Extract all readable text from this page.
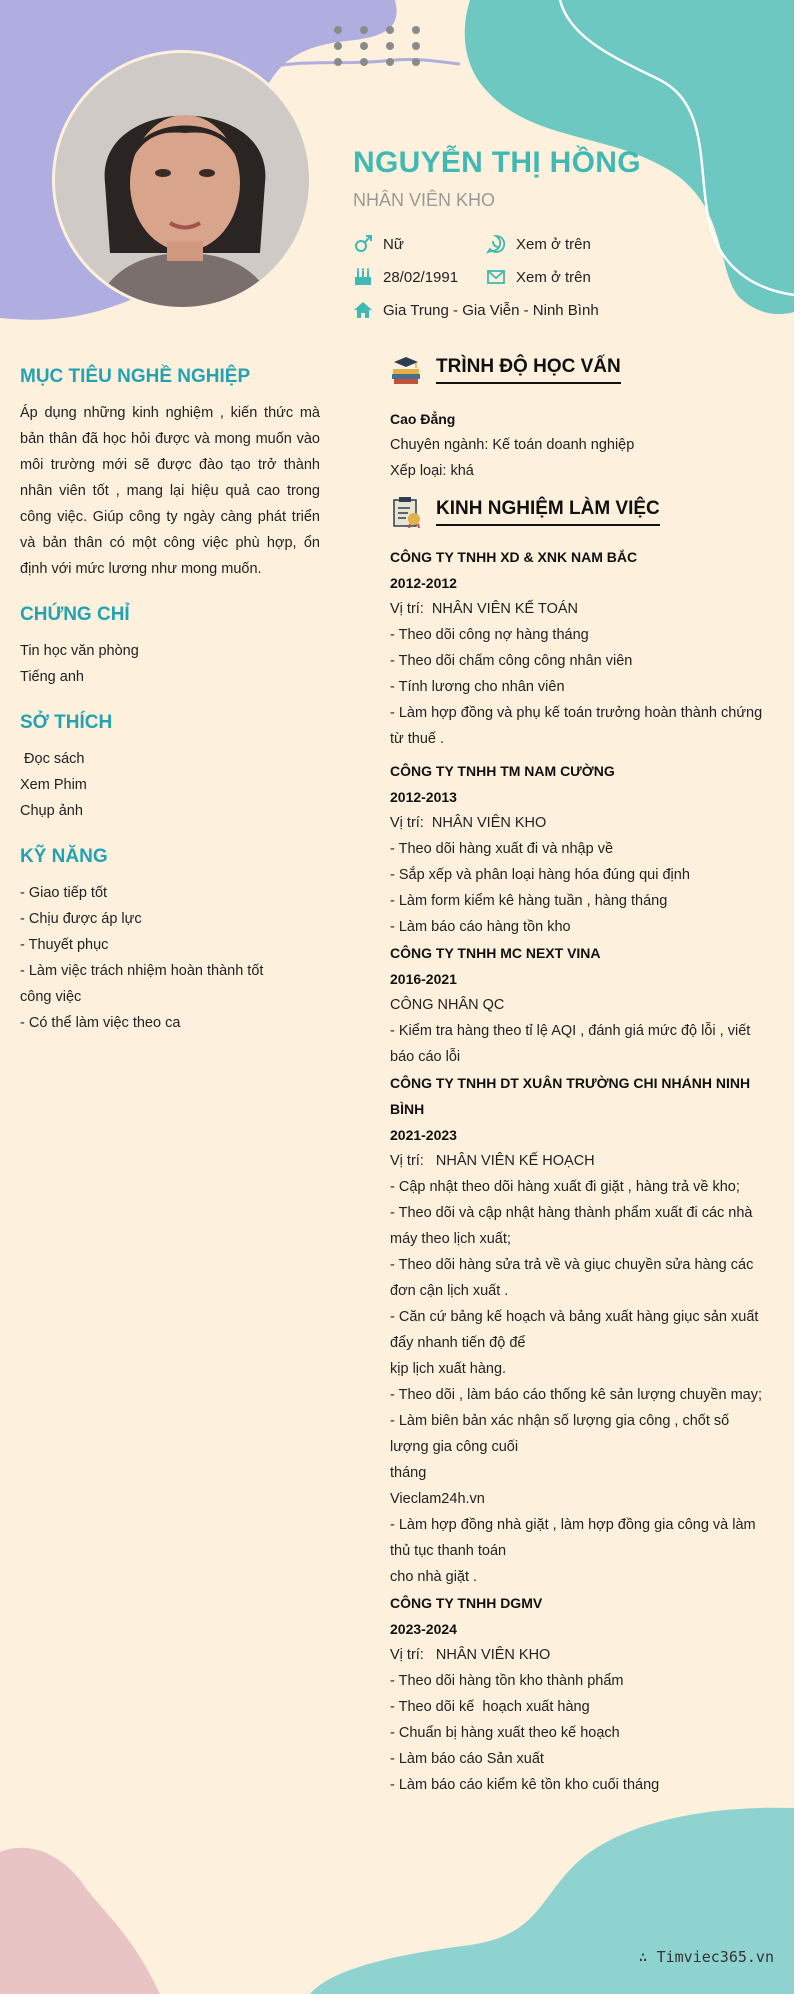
NGUYỄN THỊ HỒNG
NHÂN VIÊN KHO
Nữ	Xem ở trên
28/02/1991	Xem ở trên
Gia Trung - Gia Viễn - Ninh Bình
MỤC TIÊU NGHỀ NGHIỆP

Áp dụng những kinh nghiệm , kiến thức mà bản thân đã học hỏi được và mong muốn vào môi trường mới sẽ được đào tạo trở thành nhân viên tốt , mang lại hiệu quả cao trong công việc. Giúp công ty ngày càng phát triển và bản thân có một công việc phù hợp, ổn định với mức lương như mong muốn.

CHỨNG CHỈ
Tin học văn phòng
Tiếng anh
SỞ THÍCH
Đọc sách
Xem Phim
Chụp ảnh
KỸ NĂNG
- Giao tiếp tốt
- Chịu được áp lực
- Thuyết phục
- Làm việc trách nhiệm hoàn thành tốt
công việc
- Có thể làm việc theo ca
TRÌNH ĐỘ HỌC VẤN
Cao Đẳng
Chuyên ngành: Kế toán doanh nghiệp
Xếp loại: khá
KINH NGHIỆM LÀM VIỆC
CÔNG TY TNHH XD & XNK NAM BẮC
2012-2012
Vị trí:  NHÂN VIÊN KẾ TOÁN
- Theo dõi công nợ hàng tháng
- Theo dõi chấm công công nhân viên
- Tính lương cho nhân viên
- Làm hợp đồng và phụ kế toán trưởng hoàn thành chứng
từ thuế .
CÔNG TY TNHH TM NAM CƯỜNG
2012-2013
Vị trí:  NHÂN VIÊN KHO
- Theo dõi hàng xuất đi và nhập về
- Sắp xếp và phân loại hàng hóa đúng qui định
- Làm form kiểm kê hàng tuần , hàng tháng
- Làm báo cáo hàng tồn kho
CÔNG TY TNHH MC NEXT VINA
2016-2021
CÔNG NHÂN QC
- Kiểm tra hàng theo tỉ lệ AQI , đánh giá mức độ lỗi , viết
báo cáo lỗi
CÔNG TY TNHH DT XUÂN TRƯỜNG CHI NHÁNH NINH
BÌNH
2021-2023
Vị trí:   NHÂN VIÊN KẾ HOẠCH
- Cập nhật theo dõi hàng xuất đi giặt , hàng trả về kho;
- Theo dõi và cập nhật hàng thành phẩm xuất đi các nhà
máy theo lịch xuất;
- Theo dõi hàng sửa trả về và giục chuyền sửa hàng các
đơn cận lịch xuất .
- Căn cứ bảng kế hoạch và bảng xuất hàng giục sản xuất
đẩy nhanh tiến độ để
kịp lịch xuất hàng.
- Theo dõi , làm báo cáo thống kê sản lượng chuyền may;
- Làm biên bản xác nhận số lượng gia công , chốt số
lượng gia công cuối
tháng
Vieclam24h.vn
- Làm hợp đồng nhà giặt , làm hợp đồng gia công và làm
thủ tục thanh toán
cho nhà giặt .
CÔNG TY TNHH DGMV
2023-2024
Vị trí:   NHÂN VIÊN KHO
- Theo dõi hàng tồn kho thành phẩm
- Theo dõi kế  hoạch xuất hàng
- Chuẩn bị hàng xuất theo kế hoạch
- Làm báo cáo Sản xuất
- Làm báo cáo kiểm kê tồn kho cuối tháng
∴ Timviec365.vn
